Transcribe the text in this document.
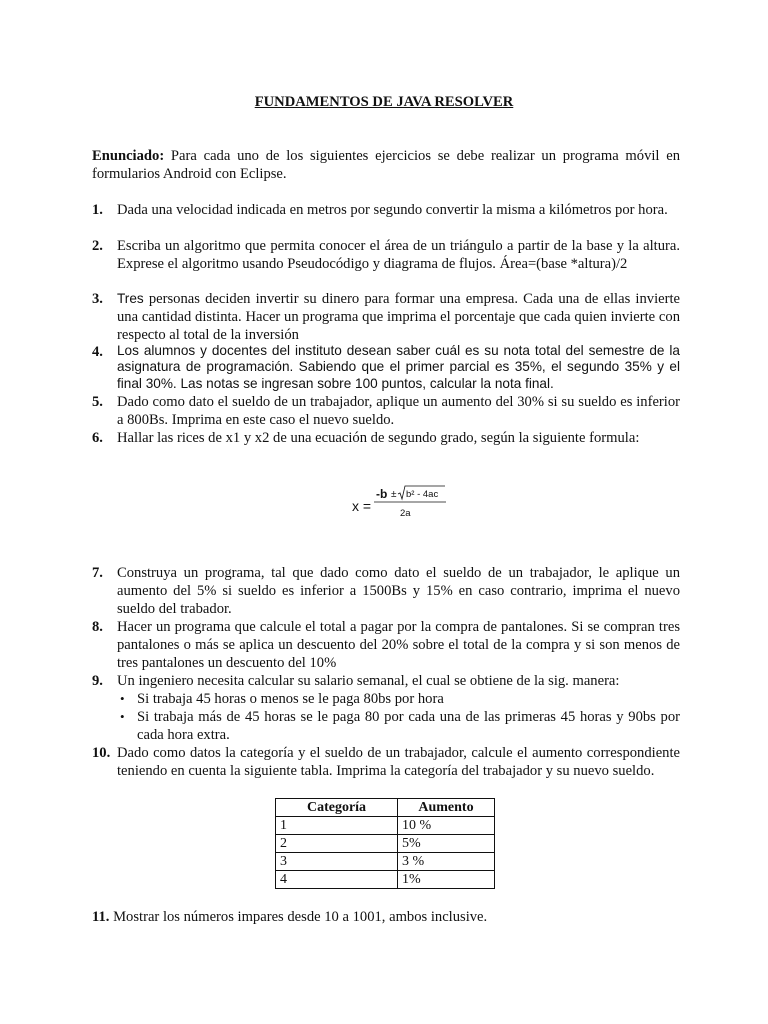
FUNDAMENTOS DE JAVA RESOLVER
Enunciado: Para cada uno de los siguientes ejercicios se debe realizar un programa móvil en formularios Android con Eclipse.
1. Dada una velocidad indicada en metros por segundo convertir la misma a kilómetros por hora.
2. Escriba un algoritmo que permita conocer el área de un triángulo a partir de la base y la altura. Exprese el algoritmo usando Pseudocódigo y diagrama de flujos. Área=(base *altura)/2
3. Tres personas deciden invertir su dinero para formar una empresa. Cada una de ellas invierte una cantidad distinta. Hacer un programa que imprima el porcentaje que cada quien invierte con respecto al total de la inversión
4. Los alumnos y docentes del instituto desean saber cuál es su nota total del semestre de la asignatura de programación. Sabiendo que el primer parcial es 35%, el segundo 35% y el final 30%. Las notas se ingresan sobre 100 puntos, calcular la nota final.
5. Dado como dato el sueldo de un trabajador, aplique un aumento del 30% si su sueldo es inferior a 800Bs. Imprima en este caso el nuevo sueldo.
6. Hallar las rices de x1 y x2 de una ecuación de segundo grado, según la siguiente formula:
x =
-b ± b² - 4ac
2a
7. Construya un programa, tal que dado como dato el sueldo de un trabajador, le aplique un aumento del 5% si sueldo es inferior a 1500Bs y 15% en caso contrario, imprima el nuevo sueldo del trabador.
8. Hacer un programa que calcule el total a pagar por la compra de pantalones. Si se compran tres pantalones o más se aplica un descuento del 20% sobre el total de la compra y si son menos de tres pantalones un descuento del 10%
9. Un ingeniero necesita calcular su salario semanal, el cual se obtiene de la sig. manera:
• Si trabaja 45 horas o menos se le paga 80bs por hora
• Si trabaja más de 45 horas se le paga 80 por cada una de las primeras 45 horas y 90bs por cada hora extra.
10. Dado como datos la categoría y el sueldo de un trabajador, calcule el aumento correspondiente teniendo en cuenta la siguiente tabla. Imprima la categoría del trabajador y su nuevo sueldo.
Categoría	Aumento
1	10 %
2	5%
3	3 %
4	1%
11. Mostrar los números impares desde 10 a 1001, ambos inclusive.
